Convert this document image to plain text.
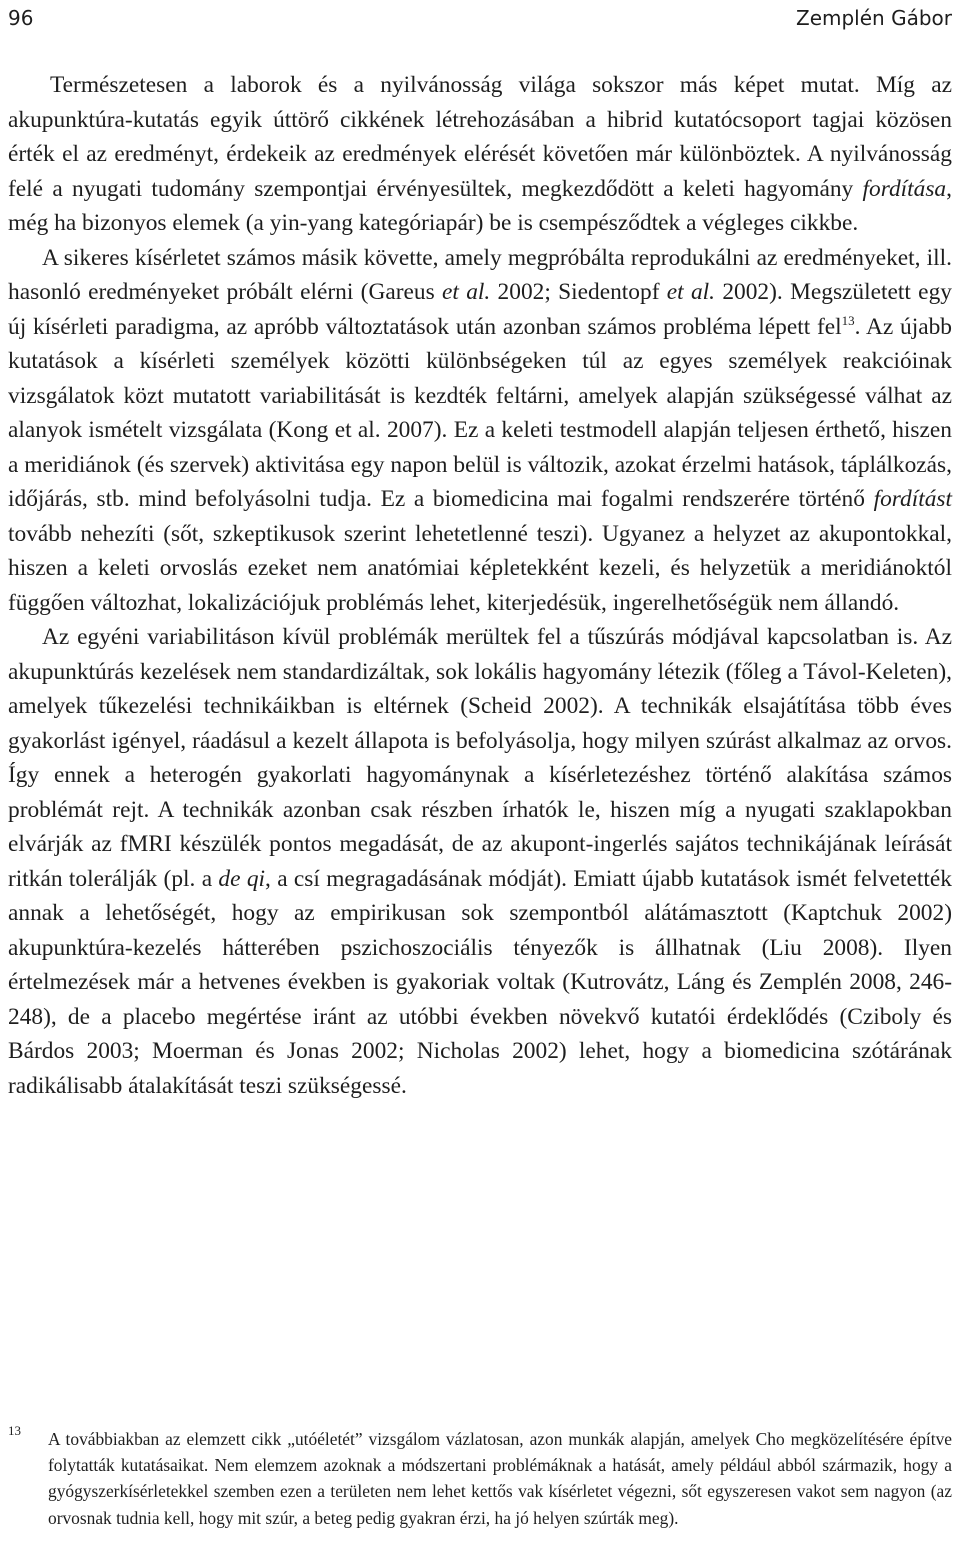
96	Zemplén Gábor

Természetesen a laborok és a nyilvánosság világa sokszor más képet mutat. Míg az akupunktúra-kutatás egyik úttörő cikkének létrehozásában a hibrid kutatócsoport tagjai közösen érték el az eredményt, érdekeik az eredmények elérését követően már különböztek. A nyilvánosság felé a nyugati tudomány szempontjai érvényesültek, megkezdődött a keleti hagyomány fordítása, még ha bizonyos elemek (a yin-yang kategóriapár) be is csempésződtek a végleges cikkbe.

A sikeres kísérletet számos másik követte, amely megpróbálta reprodukálni az eredményeket, ill. hasonló eredményeket próbált elérni (Gareus et al. 2002; Siedentopf et al. 2002). Megszületett egy új kísérleti paradigma, az apróbb változtatások után azonban számos probléma lépett fel$^{13}$. Az újabb kutatások a kísérleti személyek közötti különbségeken túl az egyes személyek reakcióinak vizsgálatok közt mutatott variabilitását is kezdték feltárni, amelyek alapján szükségessé válhat az alanyok ismételt vizsgálata (Kong et al. 2007). Ez a keleti testmodell alapján teljesen érthető, hiszen a meridiánok (és szervek) aktivitása egy napon belül is változik, azokat érzelmi hatások, táplálkozás, időjárás, stb. mind befolyásolni tudja. Ez a biomedicina mai fogalmi rendszerére történő fordítást tovább nehezíti (sőt, szkeptikusok szerint lehetetlenné teszi). Ugyanez a helyzet az akupontokkal, hiszen a keleti orvoslás ezeket nem anatómiai képletekként kezeli, és helyzetük a meridiánoktól függően változhat, lokalizációjuk problémás lehet, kiterjedésük, ingerelhetőségük nem állandó.

Az egyéni variabilitáson kívül problémák merültek fel a tűszúrás módjával kapcsolatban is. Az akupunktúrás kezelések nem standardizáltak, sok lokális hagyomány létezik (főleg a Távol-Keleten), amelyek tűkezelési technikáikban is eltérnek (Scheid 2002). A technikák elsajátítása több éves gyakorlást igényel, ráadásul a kezelt állapota is befolyásolja, hogy milyen szúrást alkalmaz az orvos. Így ennek a heterogén gyakorlati hagyománynak a kísérletezéshez történő alakítása számos problémát rejt. A technikák azonban csak részben írhatók le, hiszen míg a nyugati szaklapokban elvárják az fMRI készülék pontos megadását, de az akupont-ingerlés sajátos technikájának leírását ritkán tolerálják (pl. a de qi, a csí megragadásának módját). Emiatt újabb kutatások ismét felvetették annak a lehetőségét, hogy az empirikusan sok szempontból alátámasztott (Kaptchuk 2002) akupunktúra-kezelés hátterében pszichoszociális tényezők is állhatnak (Liu 2008). Ilyen értelmezések már a hetvenes években is gyakoriak voltak (Kutrovátz, Láng és Zemplén 2008, 246-248), de a placebo megértése iránt az utóbbi években növekvő kutatói érdeklődés (Cziboly és Bárdos 2003; Moerman és Jonas 2002; Nicholas 2002) lehet, hogy a biomedicina szótárának radikálisabb átalakítását teszi szükségessé.

13	A továbbiakban az elemzett cikk „utóéletét” vizsgálom vázlatosan, azon munkák alapján, amelyek Cho megközelítésére építve folytatták kutatásaikat. Nem elemzem azoknak a módszertani problémáknak a hatását, amely például abból származik, hogy a gyógyszerkísérletekkel szemben ezen a területen nem lehet kettős vak kísérletet végezni, sőt egyszeresen vakot sem nagyon (az orvosnak tudnia kell, hogy mit szúr, a beteg pedig gyakran érzi, ha jó helyen szúrták meg).
